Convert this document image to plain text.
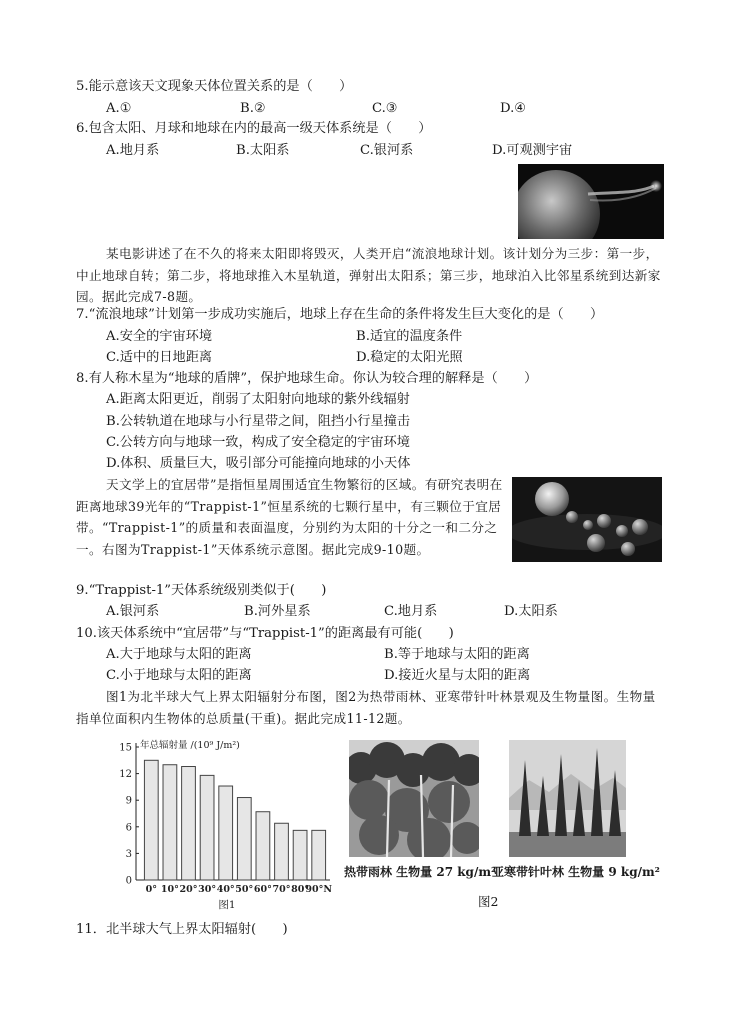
5.能示意该天文现象天体位置关系的是（　　）
A.①	B.②	C.③	D.④
6.包含太阳、月球和地球在内的最高一级天体系统是（　　）
A.地月系	B.太阳系	C.银河系	D.可观测宇宙
某电影讲述了在不久的将来太阳即将毁灭，人类开启“流浪地球计划。该计划分为三步：第一步，中止地球自转；第二步，将地球推入木星轨道，弹射出太阳系；第三步，地球泊入比邻星系统到达新家园。据此完成7-8题。
7.“流浪地球”计划第一步成功实施后，地球上存在生命的条件将发生巨大变化的是（　　）
A.安全的宇宙环境	B.适宜的温度条件
C.适中的日地距离	D.稳定的太阳光照
8.有人称木星为“地球的盾牌”，保护地球生命。你认为较合理的解释是（　　）
A.距离太阳更近，削弱了太阳射向地球的紫外线辐射
B.公转轨道在地球与小行星带之间，阻挡小行星撞击
C.公转方向与地球一致，构成了安全稳定的宇宙环境
D.体积、质量巨大，吸引部分可能撞向地球的小天体
天文学上的宜居带”是指恒星周围适宜生物繁衍的区域。有研究表明在距离地球39光年的“Trappist-1”恒星系统的七颗行星中，有三颗位于宜居带。“Trappist-1”的质量和表面温度，分别约为太阳的十分之一和二分之一。右图为Trappist-1”天体系统示意图。据此完成9-10题。
9.“Trappist-1”天体系统级别类似于(　　)
A.银河系	B.河外星系	C.地月系	D.太阳系
10.该天体系统中“宜居带”与“Trappist-1”的距离最有可能(　　)
A.大于地球与太阳的距离	B.等于地球与太阳的距离
C.小于地球与太阳的距离	D.接近火星与太阳的距离
图1为北半球大气上界太阳辐射分布图，图2为热带雨林、亚寒带针叶林景观及生物量图。生物量指单位面积内生物体的总质量(干重)。据此完成11-12题。
0
3
6
9
12
15 年总辐射量 /(10⁹ J/m²)
0° 10° 20° 30° 40° 50° 60° 70° 80°
90°N
图1
热带雨林 生物量 27 kg/m²
亚寒带针叶林 生物量 9 kg/m²
图2
11．北半球大气上界太阳辐射(　　)
